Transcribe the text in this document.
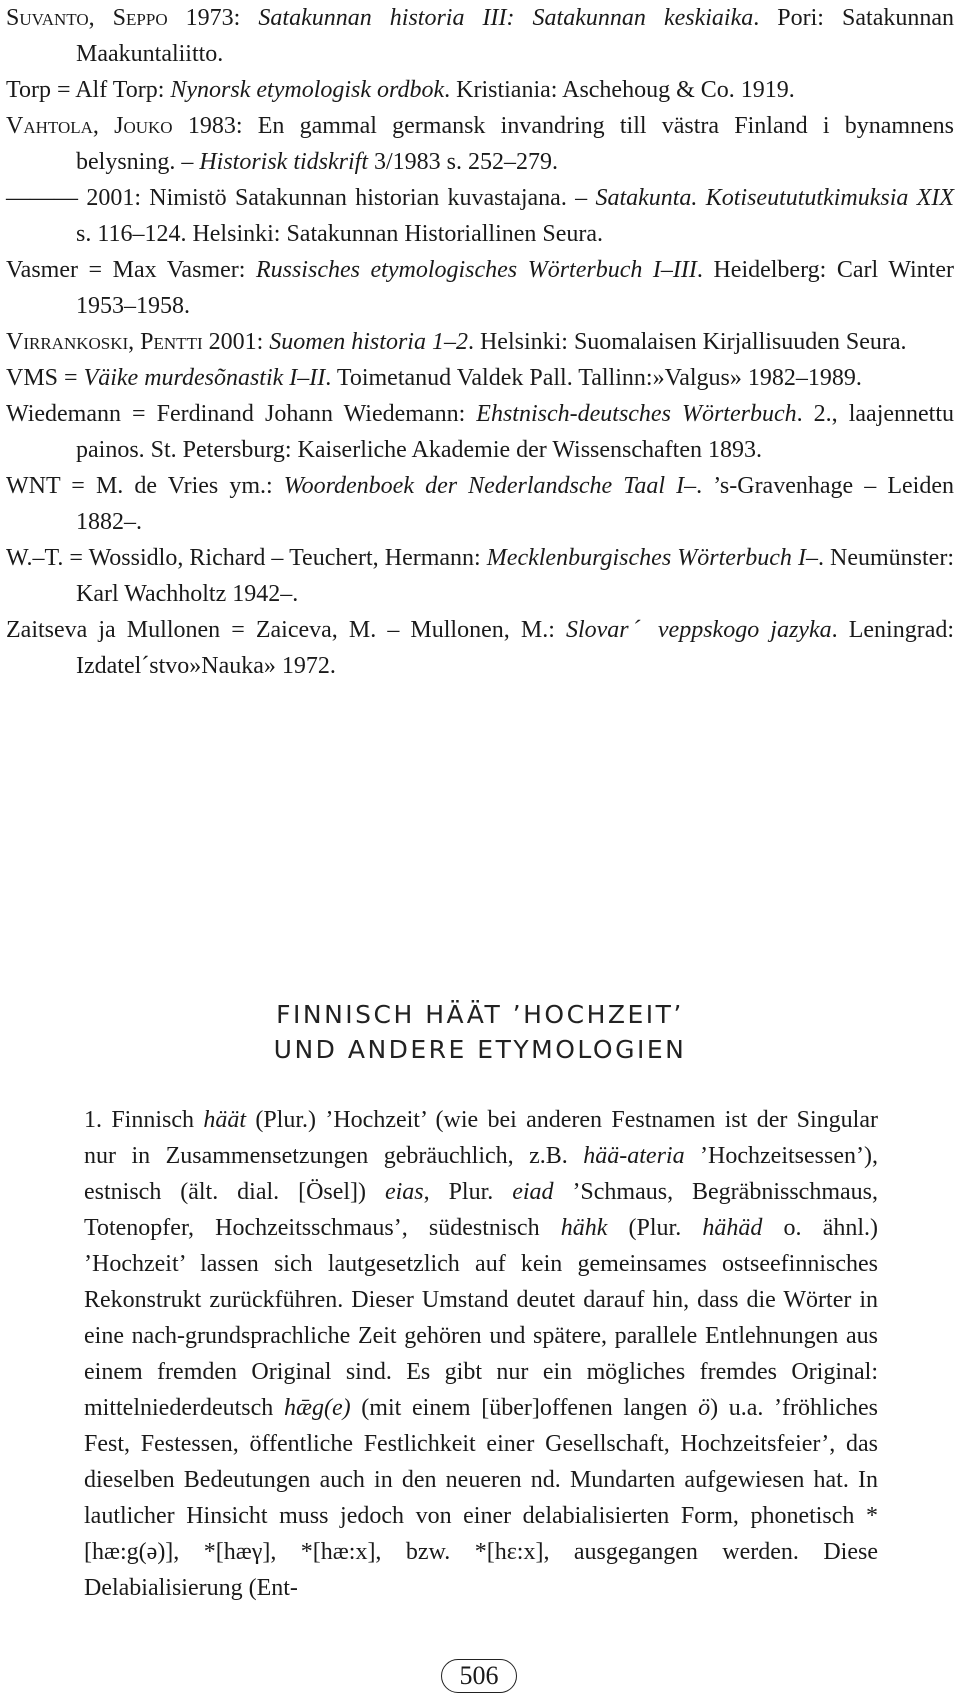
Suvanto, Seppo 1973: Satakunnan historia III: Satakunnan keskiaika. Pori: Satakunnan Maakuntaliitto.

Torp = Alf Torp: Nynorsk etymologisk ordbok. Kristiania: Aschehoug & Co. 1919.

Vahtola, Jouko 1983: En gammal germansk invandring till västra Finland i bynamnens belysning. – Historisk tidskrift 3/1983 s. 252–279.

——— 2001: Nimistö Satakunnan historian kuvastajana. – Satakunta. Kotiseutututkimuksia XIX s. 116–124. Helsinki: Satakunnan Historiallinen Seura.

Vasmer = Max Vasmer: Russisches etymologisches Wörterbuch I–III. Heidelberg: Carl Winter 1953–1958.

Virrankoski, Pentti 2001: Suomen historia 1–2. Helsinki: Suomalaisen Kirjallisuuden Seura.

VMS = Väike murdesõnastik I–II. Toimetanud Valdek Pall. Tallinn:»Valgus» 1982–1989.

Wiedemann = Ferdinand Johann Wiedemann: Ehstnisch-deutsches Wörterbuch. 2., laajennettu painos. St. Petersburg: Kaiserliche Akademie der Wissenschaften 1893.

WNT = M. de Vries ym.: Woordenboek der Nederlandsche Taal I–. ’s-Gravenhage – Leiden 1882–.

W.–T. = Wossidlo, Richard – Teuchert, Hermann: Mecklenburgisches Wörterbuch I–. Neumünster: Karl Wachholtz 1942–.

Zaitseva ja Mullonen = Zaiceva, M. – Mullonen, M.: Slovarˊ veppskogo jazyka. Leningrad: Izdatelˊstvo»Nauka» 1972.

FINNISCH HÄÄT ’HOCHZEIT’
UND ANDERE ETYMOLOGIEN

1. Finnisch häät (Plur.) ’Hochzeit’ (wie bei anderen Festnamen ist der Singular nur in Zusammensetzungen gebräuchlich, z.B. hää-ateria ’Hochzeitsessen’), estnisch (ält. dial. [Ösel]) eias, Plur. eiad ’Schmaus, Begräbnisschmaus, Totenopfer, Hochzeitsschmaus’, südestnisch hähk (Plur. hähäd o. ähnl.) ’Hochzeit’ lassen sich lautgesetzlich auf kein gemeinsames ostseefinnisches Rekonstrukt zurückführen. Dieser Umstand deutet darauf hin, dass die Wörter in eine nach-grundsprachliche Zeit gehören und spätere, parallele Entlehnungen aus einem fremden Original sind. Es gibt nur ein mögliches fremdes Original: mittelniederdeutsch hǣg(e) (mit einem [über]offenen langen ö) u.a. ’fröhliches Fest, Festessen, öffentliche Festlichkeit einer Gesellschaft, Hochzeitsfeier’, das dieselben Bedeutungen auch in den neueren nd. Mundarten aufgewiesen hat. In lautlicher Hinsicht muss jedoch von einer delabialisierten Form, phonetisch *[hæ:g(ə)], *[hæγ], *[hæ:x], bzw. *[hɛ:x], ausgegangen werden. Diese Delabialisierung (Ent-

506
